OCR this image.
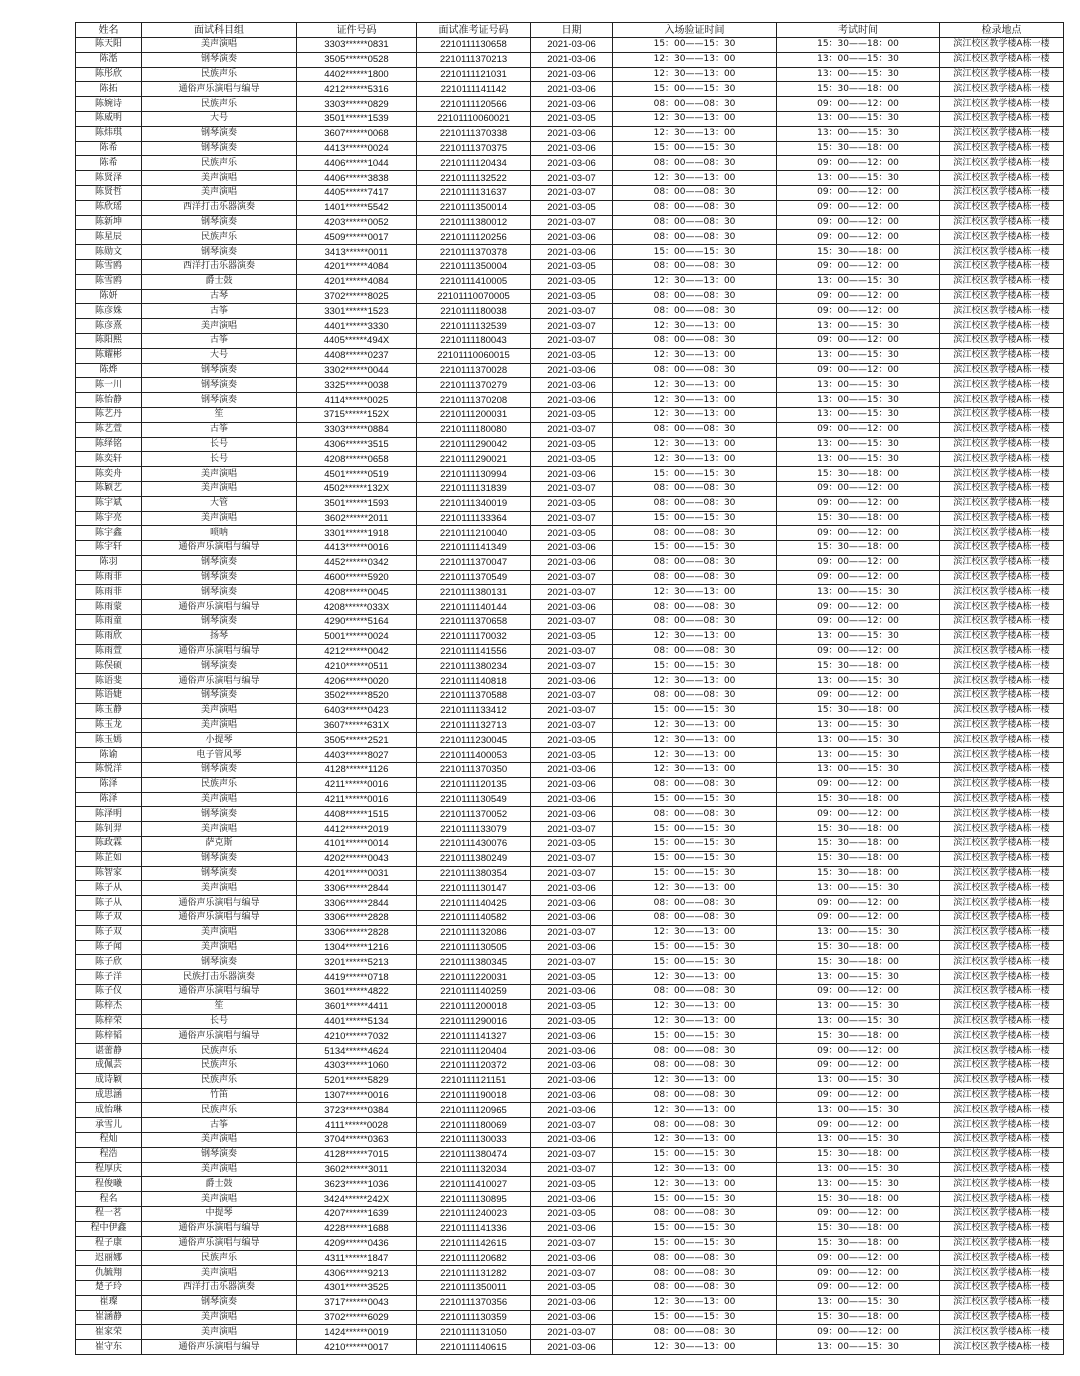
姓名	面试科目组	证件号码	面试准考证号码	日期	入场验证时间	考试时间	检录地点
陈天阳	美声演唱	3303******0831	2210111130658	2021-03-06	15：00——15：30	15：30——18：00	滨江校区教学楼A栋一楼
陈湉	钢琴演奏	3505******0528	2210111370213	2021-03-06	12：30——13：00	13：00——15：30	滨江校区教学楼A栋一楼
陈彤欣	民族声乐	4402******1800	2210111121031	2021-03-06	12：30——13：00	13：00——15：30	滨江校区教学楼A栋一楼
陈拓	通俗声乐演唱与编导	4212******5316	2210111141142	2021-03-06	15：00——15：30	15：30——18：00	滨江校区教学楼A栋一楼
陈婉诗	民族声乐	3303******0829	2210111120566	2021-03-06	08：00——08：30	09：00——12：00	滨江校区教学楼A栋一楼
陈威明	大号	3501******1539	22101110060021	2021-03-05	12：30——13：00	13：00——15：30	滨江校区教学楼A栋一楼
陈炜琪	钢琴演奏	3607******0068	2210111370338	2021-03-06	12：30——13：00	13：00——15：30	滨江校区教学楼A栋一楼
陈希	钢琴演奏	4413******0024	2210111370375	2021-03-06	15：00——15：30	15：30——18：00	滨江校区教学楼A栋一楼
陈希	民族声乐	4406******1044	2210111120434	2021-03-06	08：00——08：30	09：00——12：00	滨江校区教学楼A栋一楼
陈贤泽	美声演唱	4406******3838	2210111132522	2021-03-07	12：30——13：00	13：00——15：30	滨江校区教学楼A栋一楼
陈贤哲	美声演唱	4405******7417	2210111131637	2021-03-07	08：00——08：30	09：00——12：00	滨江校区教学楼A栋一楼
陈欣瑶	西洋打击乐器演奏	1401******5542	2210111350014	2021-03-05	08：00——08：30	09：00——12：00	滨江校区教学楼A栋一楼
陈新坤	钢琴演奏	4203******0052	2210111380012	2021-03-07	08：00——08：30	09：00——12：00	滨江校区教学楼A栋一楼
陈星辰	民族声乐	4509******0017	2210111120256	2021-03-06	08：00——08：30	09：00——12：00	滨江校区教学楼A栋一楼
陈勋文	钢琴演奏	3413******0011	2210111370378	2021-03-06	15：00——15：30	15：30——18：00	滨江校区教学楼A栋一楼
陈雪鸥	西洋打击乐器演奏	4201******4084	2210111350004	2021-03-05	08：00——08：30	09：00——12：00	滨江校区教学楼A栋一楼
陈雪鸥	爵士鼓	4201******4084	2210111410005	2021-03-05	12：30——13：00	13：00——15：30	滨江校区教学楼A栋一楼
陈妍	古琴	3702******8025	22101110070005	2021-03-05	08：00——08：30	09：00——12：00	滨江校区教学楼A栋一楼
陈彦姝	古筝	3301******1523	2210111180038	2021-03-07	08：00——08：30	09：00——12：00	滨江校区教学楼A栋一楼
陈彦熹	美声演唱	4401******3330	2210111132539	2021-03-07	12：30——13：00	13：00——15：30	滨江校区教学楼A栋一楼
陈阳熙	古筝	4405******494X	2210111180043	2021-03-07	08：00——08：30	09：00——12：00	滨江校区教学楼A栋一楼
陈耀彬	大号	4408******0237	22101110060015	2021-03-05	12：30——13：00	13：00——15：30	滨江校区教学楼A栋一楼
陈烨	钢琴演奏	3302******0044	2210111370028	2021-03-06	08：00——08：30	09：00——12：00	滨江校区教学楼A栋一楼
陈一川	钢琴演奏	3325******0038	2210111370279	2021-03-06	12：30——13：00	13：00——15：30	滨江校区教学楼A栋一楼
陈怡静	钢琴演奏	4114******0025	2210111370208	2021-03-06	12：30——13：00	13：00——15：30	滨江校区教学楼A栋一楼
陈艺丹	笙	3715******152X	2210111200031	2021-03-05	12：30——13：00	13：00——15：30	滨江校区教学楼A栋一楼
陈艺萱	古筝	3303******0884	2210111180080	2021-03-07	08：00——08：30	09：00——12：00	滨江校区教学楼A栋一楼
陈绎铭	长号	4306******3515	2210111290042	2021-03-05	12：30——13：00	13：00——15：30	滨江校区教学楼A栋一楼
陈奕轩	长号	4208******0658	2210111290021	2021-03-05	12：30——13：00	13：00——15：30	滨江校区教学楼A栋一楼
陈奕舟	美声演唱	4501******0519	2210111130994	2021-03-06	15：00——15：30	15：30——18：00	滨江校区教学楼A栋一楼
陈颖艺	美声演唱	4502******132X	2210111131839	2021-03-07	08：00——08：30	09：00——12：00	滨江校区教学楼A栋一楼
陈宇斌	大管	3501******1593	2210111340019	2021-03-05	08：00——08：30	09：00——12：00	滨江校区教学楼A栋一楼
陈宇亮	美声演唱	3602******2011	2210111133364	2021-03-07	15：00——15：30	15：30——18：00	滨江校区教学楼A栋一楼
陈宇鑫	唢呐	3301******1918	2210111210040	2021-03-05	08：00——08：30	09：00——12：00	滨江校区教学楼A栋一楼
陈宇轩	通俗声乐演唱与编导	4413******0016	2210111141349	2021-03-06	15：00——15：30	15：30——18：00	滨江校区教学楼A栋一楼
陈羽	钢琴演奏	4452******0342	2210111370047	2021-03-06	08：00——08：30	09：00——12：00	滨江校区教学楼A栋一楼
陈雨菲	钢琴演奏	4600******5920	2210111370549	2021-03-07	08：00——08：30	09：00——12：00	滨江校区教学楼A栋一楼
陈雨菲	钢琴演奏	4208******0045	2210111380131	2021-03-07	12：30——13：00	13：00——15：30	滨江校区教学楼A栋一楼
陈雨蒙	通俗声乐演唱与编导	4208******033X	2210111140144	2021-03-06	08：00——08：30	09：00——12：00	滨江校区教学楼A栋一楼
陈雨童	钢琴演奏	4290******5164	2210111370658	2021-03-07	08：00——08：30	09：00——12：00	滨江校区教学楼A栋一楼
陈雨欣	扬琴	5001******0024	2210111170032	2021-03-05	12：30——13：00	13：00——15：30	滨江校区教学楼A栋一楼
陈雨萱	通俗声乐演唱与编导	4212******0042	2210111141556	2021-03-07	08：00——08：30	09：00——12：00	滨江校区教学楼A栋一楼
陈俣硕	钢琴演奏	4210******0511	2210111380234	2021-03-07	15：00——15：30	15：30——18：00	滨江校区教学楼A栋一楼
陈语斐	通俗声乐演唱与编导	4206******0020	2210111140818	2021-03-06	12：30——13：00	13：00——15：30	滨江校区教学楼A栋一楼
陈语婕	钢琴演奏	3502******8520	2210111370588	2021-03-07	08：00——08：30	09：00——12：00	滨江校区教学楼A栋一楼
陈玉静	美声演唱	6403******0423	2210111133412	2021-03-07	15：00——15：30	15：30——18：00	滨江校区教学楼A栋一楼
陈玉龙	美声演唱	3607******631X	2210111132713	2021-03-07	12：30——13：00	13：00——15：30	滨江校区教学楼A栋一楼
陈玉嫣	小提琴	3505******2521	2210111230045	2021-03-05	12：30——13：00	13：00——15：30	滨江校区教学楼A栋一楼
陈谕	电子管风琴	4403******8027	2210111400053	2021-03-05	12：30——13：00	13：00——15：30	滨江校区教学楼A栋一楼
陈悦洋	钢琴演奏	4128******1126	2210111370350	2021-03-06	12：30——13：00	13：00——15：30	滨江校区教学楼A栋一楼
陈泽	民族声乐	4211******0016	2210111120135	2021-03-06	08：00——08：30	09：00——12：00	滨江校区教学楼A栋一楼
陈泽	美声演唱	4211******0016	2210111130549	2021-03-06	15：00——15：30	15：30——18：00	滨江校区教学楼A栋一楼
陈泽明	钢琴演奏	4408******1515	2210111370052	2021-03-06	08：00——08：30	09：00——12：00	滨江校区教学楼A栋一楼
陈钊羿	美声演唱	4412******2019	2210111133079	2021-03-07	15：00——15：30	15：30——18：00	滨江校区教学楼A栋一楼
陈政霖	萨克斯	4101******0014	2210111430076	2021-03-05	15：00——15：30	15：30——18：00	滨江校区教学楼A栋一楼
陈芷如	钢琴演奏	4202******0043	2210111380249	2021-03-07	15：00——15：30	15：30——18：00	滨江校区教学楼A栋一楼
陈智家	钢琴演奏	4201******0031	2210111380354	2021-03-07	15：00——15：30	15：30——18：00	滨江校区教学楼A栋一楼
陈子从	美声演唱	3306******2844	2210111130147	2021-03-06	12：30——13：00	13：00——15：30	滨江校区教学楼A栋一楼
陈子从	通俗声乐演唱与编导	3306******2844	2210111140425	2021-03-06	08：00——08：30	09：00——12：00	滨江校区教学楼A栋一楼
陈子双	通俗声乐演唱与编导	3306******2828	2210111140582	2021-03-06	08：00——08：30	09：00——12：00	滨江校区教学楼A栋一楼
陈子双	美声演唱	3306******2828	2210111132086	2021-03-07	12：30——13：00	13：00——15：30	滨江校区教学楼A栋一楼
陈子闻	美声演唱	1304******1216	2210111130505	2021-03-06	15：00——15：30	15：30——18：00	滨江校区教学楼A栋一楼
陈子欣	钢琴演奏	3201******5213	2210111380345	2021-03-07	15：00——15：30	15：30——18：00	滨江校区教学楼A栋一楼
陈子洋	民族打击乐器演奏	4419******0718	2210111220031	2021-03-05	12：30——13：00	13：00——15：30	滨江校区教学楼A栋一楼
陈子仪	通俗声乐演唱与编导	3601******4822	2210111140259	2021-03-06	08：00——08：30	09：00——12：00	滨江校区教学楼A栋一楼
陈梓杰	笙	3601******4411	2210111200018	2021-03-05	12：30——13：00	13：00——15：30	滨江校区教学楼A栋一楼
陈梓荣	长号	4401******5134	2210111290016	2021-03-05	12：30——13：00	13：00——15：30	滨江校区教学楼A栋一楼
陈梓韬	通俗声乐演唱与编导	4210******7032	2210111141327	2021-03-06	15：00——15：30	15：30——18：00	滨江校区教学楼A栋一楼
谌蕾静	民族声乐	5134******4624	2210111120404	2021-03-06	08：00——08：30	09：00——12：00	滨江校区教学楼A栋一楼
成佩芸	民族声乐	4303******1060	2210111120372	2021-03-06	08：00——08：30	09：00——12：00	滨江校区教学楼A栋一楼
成诗颖	民族声乐	5201******5829	2210111121151	2021-03-06	12：30——13：00	13：00——15：30	滨江校区教学楼A栋一楼
成思涵	竹笛	1307******0016	2210111190018	2021-03-06	08：00——08：30	09：00——12：00	滨江校区教学楼A栋一楼
成怡琳	民族声乐	3723******0384	2210111120965	2021-03-06	12：30——13：00	13：00——15：30	滨江校区教学楼A栋一楼
承雪儿	古筝	4111******0028	2210111180069	2021-03-07	08：00——08：30	09：00——12：00	滨江校区教学楼A栋一楼
程灿	美声演唱	3704******0363	2210111130033	2021-03-06	12：30——13：00	13：00——15：30	滨江校区教学楼A栋一楼
程浩	钢琴演奏	4128******7015	2210111380474	2021-03-07	15：00——15：30	15：30——18：00	滨江校区教学楼A栋一楼
程厚庆	美声演唱	3602******3011	2210111132034	2021-03-07	12：30——13：00	13：00——15：30	滨江校区教学楼A栋一楼
程俊曦	爵士鼓	3623******1036	2210111410027	2021-03-05	12：30——13：00	13：00——15：30	滨江校区教学楼A栋一楼
程名	美声演唱	3424******242X	2210111130895	2021-03-06	15：00——15：30	15：30——18：00	滨江校区教学楼A栋一楼
程一茗	中提琴	4207******1639	2210111240023	2021-03-05	08：00——08：30	09：00——12：00	滨江校区教学楼A栋一楼
程中伊鑫	通俗声乐演唱与编导	4228******1688	2210111141336	2021-03-06	15：00——15：30	15：30——18：00	滨江校区教学楼A栋一楼
程子康	通俗声乐演唱与编导	4209******0436	2210111142615	2021-03-07	15：00——15：30	15：30——18：00	滨江校区教学楼A栋一楼
迟丽娜	民族声乐	4311******1847	2210111120682	2021-03-06	08：00——08：30	09：00——12：00	滨江校区教学楼A栋一楼
仇毓翔	美声演唱	4306******9213	2210111131282	2021-03-07	08：00——08：30	09：00——12：00	滨江校区教学楼A栋一楼
楚子玲	西洋打击乐器演奏	4301******3525	2210111350011	2021-03-05	08：00——08：30	09：00——12：00	滨江校区教学楼A栋一楼
崔璨	钢琴演奏	3717******0043	2210111370356	2021-03-06	12：30——13：00	13：00——15：30	滨江校区教学楼A栋一楼
崔涵静	美声演唱	3702******6029	2210111130359	2021-03-06	15：00——15：30	15：30——18：00	滨江校区教学楼A栋一楼
崔家荣	美声演唱	1424******0019	2210111131050	2021-03-07	08：00——08：30	09：00——12：00	滨江校区教学楼A栋一楼
崔守东	通俗声乐演唱与编导	4210******0017	2210111140615	2021-03-06	12：30——13：00	13：00——15：30	滨江校区教学楼A栋一楼
